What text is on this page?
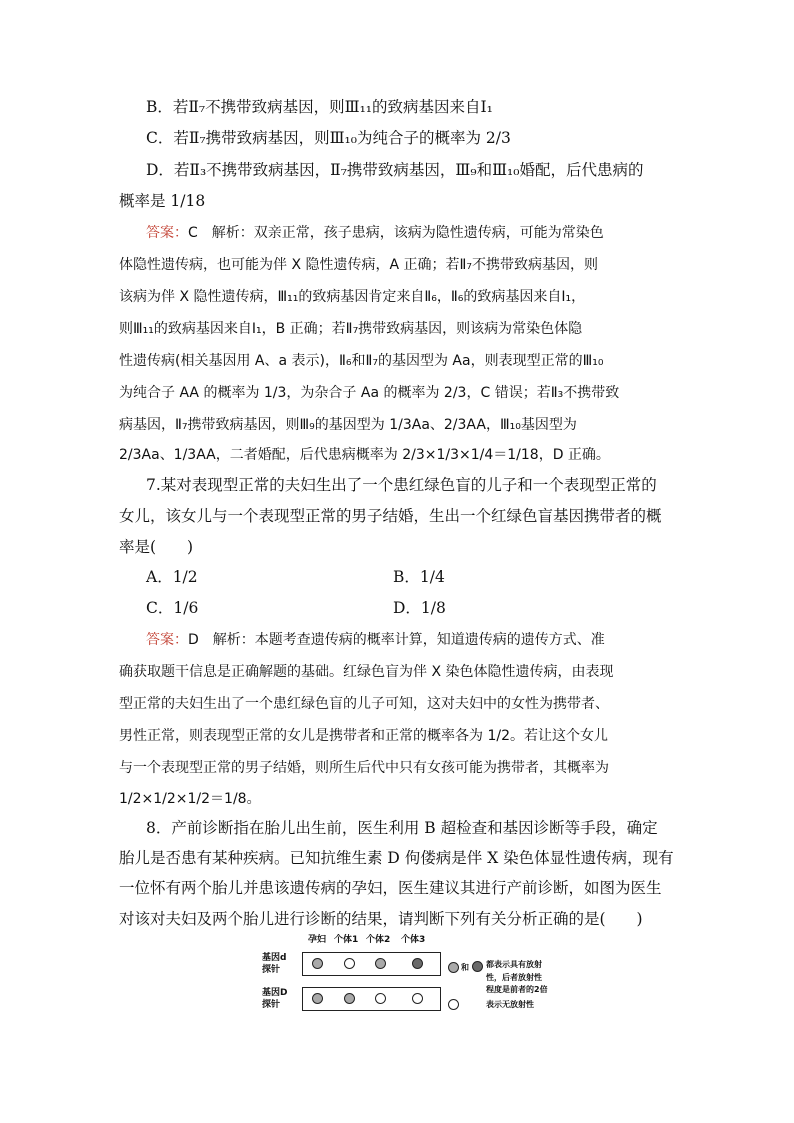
B．若Ⅱ₇不携带致病基因，则Ⅲ₁₁的致病基因来自Ⅰ₁
C．若Ⅱ₇携带致病基因，则Ⅲ₁₀为纯合子的概率为 2/3
D．若Ⅱ₃不携带致病基因，Ⅱ₇携带致病基因，Ⅲ₉和Ⅲ₁₀婚配，后代患病的
概率是 1/18
答案：C　解析：双亲正常，孩子患病，该病为隐性遗传病，可能为常染色
体隐性遗传病，也可能为伴 X 隐性遗传病，A 正确；若Ⅱ₇不携带致病基因，则
该病为伴 X 隐性遗传病，Ⅲ₁₁的致病基因肯定来自Ⅱ₆，Ⅱ₆的致病基因来自Ⅰ₁，
则Ⅲ₁₁的致病基因来自Ⅰ₁，B 正确；若Ⅱ₇携带致病基因，则该病为常染色体隐
性遗传病(相关基因用 A、a 表示)，Ⅱ₆和Ⅱ₇的基因型为 Aa，则表现型正常的Ⅲ₁₀
为纯合子 AA 的概率为 1/3，为杂合子 Aa 的概率为 2/3，C 错误；若Ⅱ₃不携带致
病基因，Ⅱ₇携带致病基因，则Ⅲ₉的基因型为 1/3Aa、2/3AA，Ⅲ₁₀基因型为
2/3Aa、1/3AA，二者婚配，后代患病概率为 2/3×1/3×1/4＝1/18，D 正确。
7.某对表现型正常的夫妇生出了一个患红绿色盲的儿子和一个表现型正常的
女儿，该女儿与一个表现型正常的男子结婚，生出一个红绿色盲基因携带者的概
率是(　　)
A．1/2	B．1/4
C．1/6	D．1/8
答案：D　解析：本题考查遗传病的概率计算，知道遗传病的遗传方式、准
确获取题干信息是正确解题的基础。红绿色盲为伴 X 染色体隐性遗传病，由表现
型正常的夫妇生出了一个患红绿色盲的儿子可知，这对夫妇中的女性为携带者、
男性正常，则表现型正常的女儿是携带者和正常的概率各为 1/2。若让这个女儿
与一个表现型正常的男子结婚，则所生后代中只有女孩可能为携带者，其概率为
1/2×1/2×1/2＝1/8。
8．产前诊断指在胎儿出生前，医生利用 B 超检查和基因诊断等手段，确定
胎儿是否患有某种疾病。已知抗维生素 D 佝偻病是伴 X 染色体显性遗传病，现有
一位怀有两个胎儿并患该遗传病的孕妇，医生建议其进行产前诊断，如图为医生
对该对夫妇及两个胎儿进行诊断的结果，请判断下列有关分析正确的是(　　)
孕妇 个体1 个体2 个体3
基因d
探针
基因D
探针
和 都表示具有放射
性，后者放射性
程度是前者的2倍
表示无放射性
